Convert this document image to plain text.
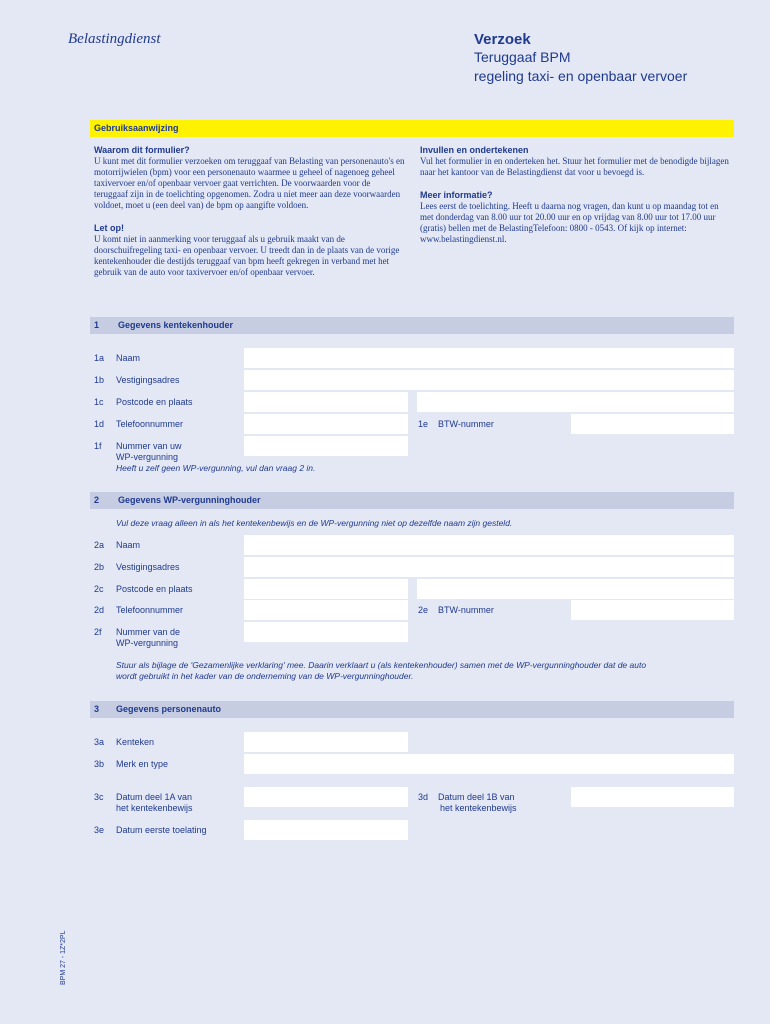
Belastingdienst	Verzoek
Teruggaaf BPM
regeling taxi- en openbaar vervoer
Gebruiksaanwijzing
Waarom dit formulier?

U kunt met dit formulier verzoeken om teruggaaf van Belasting van personenauto's en motorrijwielen (bpm) voor een personenauto waarmee u geheel of nagenoeg geheel taxivervoer en/of openbaar vervoer gaat verrichten. De voorwaarden voor de teruggaaf zijn in de toelichting opgenomen. Zodra u niet meer aan deze voorwaarden voldoet, moet u (een deel van) de bpm op aangifte voldoen.

Let op!

U komt niet in aanmerking voor teruggaaf als u gebruik maakt van de doorschuifregeling taxi- en openbaar vervoer. U treedt dan in de plaats van de vorige kentekenhouder die destijds teruggaaf van bpm heeft gekregen in verband met het gebruik van de auto voor taxivervoer en/of openbaar vervoer.

Invullen en ondertekenen

Vul het formulier in en onderteken het. Stuur het formulier met de benodigde bijlagen naar het kantoor van de Belastingdienst dat voor u bevoegd is.

Meer informatie?

Lees eerst de toelichting. Heeft u daarna nog vragen, dan kunt u op maandag tot en met donderdag van 8.00 uur tot 20.00 uur en op vrijdag van 8.00 uur tot 17.00 uur (gratis) bellen met de BelastingTelefoon: 0800 - 0543. Of kijk op internet: www.belastingdienst.nl.

1 Gegevens kentekenhouder
1a Naam
1b Vestigingsadres
1c Postcode en plaats
1d Telefoonnummer	1e BTW-nummer
1f Nummer van uw
WP-vergunning
Heeft u zelf geen WP-vergunning, vul dan vraag 2 in.
2 Gegevens WP-vergunninghouder
Vul deze vraag alleen in als het kentekenbewijs en de WP-vergunning niet op dezelfde naam zijn gesteld.
2a Naam
2b Vestigingsadres
2c Postcode en plaats
2d Telefoonnummer	2e BTW-nummer
2f Nummer van de
WP-vergunning
Stuur als bijlage de 'Gezamenlijke verklaring' mee. Daarin verklaart u (als kentekenhouder) samen met de WP-vergunninghouder dat de auto
wordt gebruikt in het kader van de onderneming van de WP-vergunninghouder.
3 Gegevens personenauto
3a Kenteken
3b Merk en type
3c Datum deel 1A van
het kentekenbewijs
3d Datum deel 1B van
het kentekenbewijs
3e Datum eerste toelating
BPM 27 - 1Z*2PL
